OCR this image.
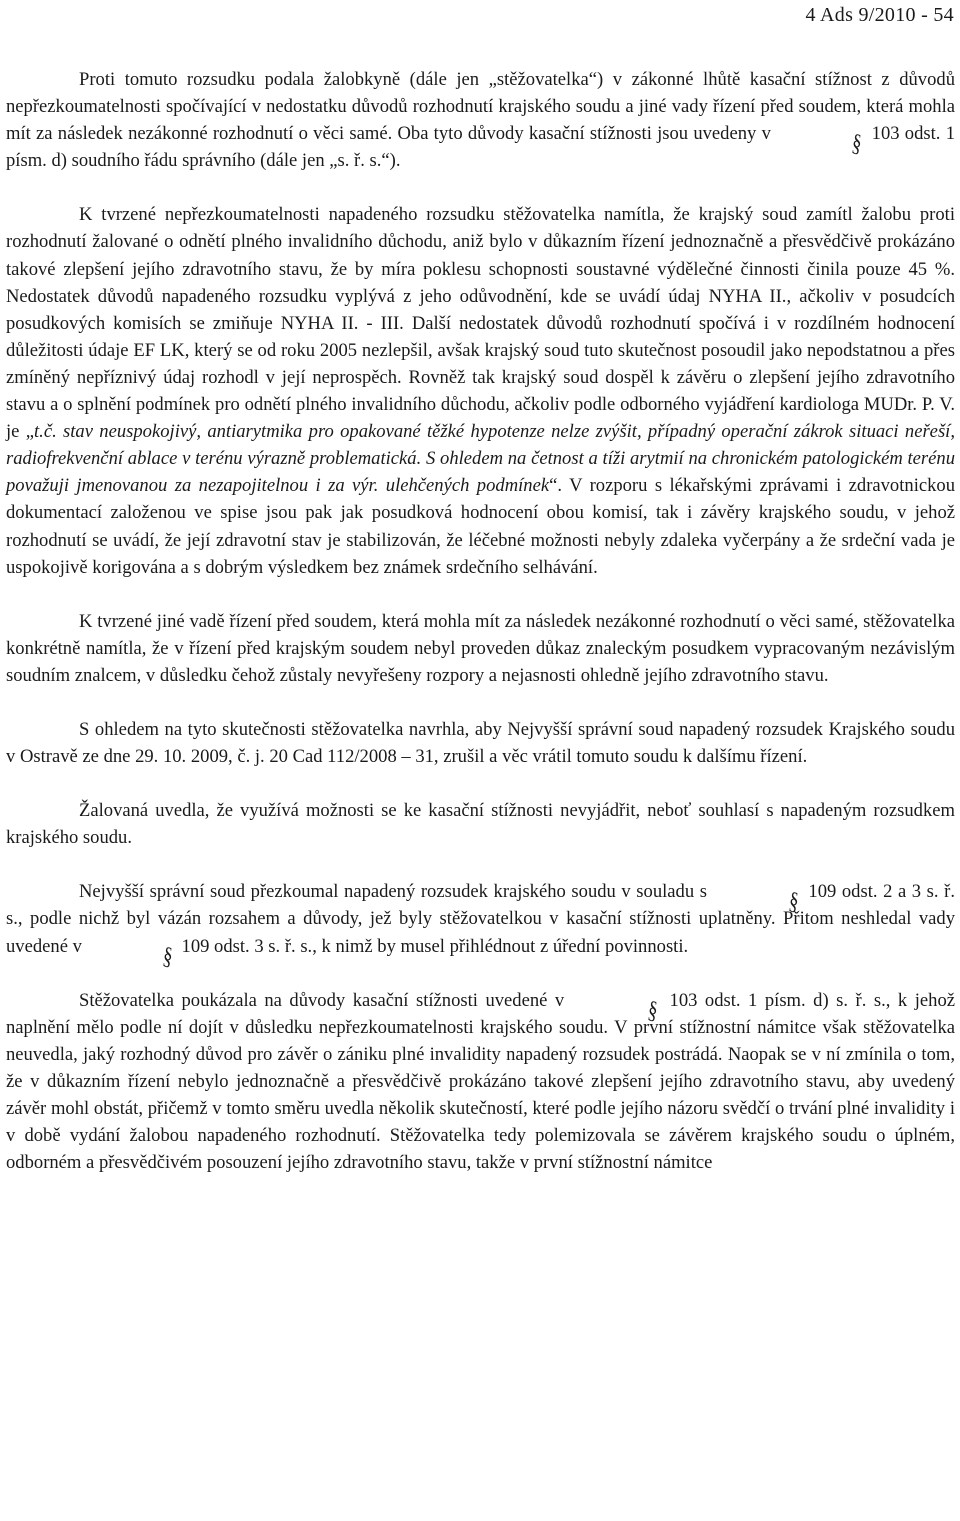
4 Ads 9/2010 - 54

Proti tomuto rozsudku podala žalobkyně (dále jen „stěžovatelka“) v zákonné lhůtě kasační stížnost z důvodů nepřezkoumatelnosti spočívající v nedostatku důvodů rozhodnutí krajského soudu a jiné vady řízení před soudem, která mohla mít za následek nezákonné rozhodnutí o věci samé. Oba tyto důvody kasační stížnosti jsou uvedeny v	§ 103 odst. 1 písm. d) soudního řádu správního (dále jen „s. ř. s.“).

K tvrzené nepřezkoumatelnosti napadeného rozsudku stěžovatelka namítla, že krajský soud zamítl žalobu proti rozhodnutí žalované o odnětí plného invalidního důchodu, aniž bylo v důkazním řízení jednoznačně a přesvědčivě prokázáno takové zlepšení jejího zdravotního stavu, že by míra poklesu schopnosti soustavné výdělečné činnosti činila pouze 45 %. Nedostatek důvodů napadeného rozsudku vyplývá z jeho odůvodnění, kde se uvádí údaj NYHA II., ačkoliv v posudcích posudkových komisích se zmiňuje NYHA II. - III. Další nedostatek důvodů rozhodnutí spočívá i v rozdílném hodnocení důležitosti údaje EF LK, který se od roku 2005 nezlepšil, avšak krajský soud tuto skutečnost posoudil jako nepodstatnou a přes zmíněný nepříznivý údaj rozhodl v její neprospěch. Rovněž tak krajský soud dospěl k závěru o zlepšení jejího zdravotního stavu a o splnění podmínek pro odnětí plného invalidního důchodu, ačkoliv podle odborného vyjádření kardiologa MUDr. P. V. je „t.č. stav neuspokojivý, antiarytmika pro opakované těžké hypotenze nelze zvýšit, případný operační zákrok situaci neřeší, radiofrekvenční ablace v terénu výrazně problematická. S ohledem na četnost a tíži arytmií na chronickém patologickém terénu považuji jmenovanou za nezapojitelnou i za výr. ulehčených podmínek“. V rozporu s lékařskými zprávami i zdravotnickou dokumentací založenou ve spise jsou pak jak posudková hodnocení obou komisí, tak i závěry krajského soudu, v jehož rozhodnutí se uvádí, že její zdravotní stav je stabilizován, že léčebné možnosti nebyly zdaleka vyčerpány a že srdeční vada je uspokojivě korigována a s dobrým výsledkem bez známek srdečního selhávání.

K tvrzené jiné vadě řízení před soudem, která mohla mít za následek nezákonné rozhodnutí o věci samé, stěžovatelka konkrétně namítla, že v řízení před krajským soudem nebyl proveden důkaz znaleckým posudkem vypracovaným nezávislým soudním znalcem, v důsledku čehož zůstaly nevyřešeny rozpory a nejasnosti ohledně jejího zdravotního stavu.

S ohledem na tyto skutečnosti stěžovatelka navrhla, aby Nejvyšší správní soud napadený rozsudek Krajského soudu v Ostravě ze dne 29. 10. 2009, č. j. 20 Cad 112/2008 – 31, zrušil a věc vrátil tomuto soudu k dalšímu řízení.

Žalovaná uvedla, že využívá možnosti se ke kasační stížnosti nevyjádřit, neboť souhlasí s napadeným rozsudkem krajského soudu.

Nejvyšší správní soud přezkoumal napadený rozsudek krajského soudu v souladu s	§ 109 odst. 2 a 3 s. ř. s., podle nichž byl vázán rozsahem a důvody, jež byly stěžovatelkou v kasační stížnosti uplatněny. Přitom neshledal vady uvedené v	§ 109 odst. 3 s. ř. s., k nimž by musel přihlédnout z úřední povinnosti.

Stěžovatelka poukázala na důvody kasační stížnosti uvedené v	§ 103 odst. 1 písm. d) s. ř. s., k jehož naplnění mělo podle ní dojít v důsledku nepřezkoumatelnosti krajského soudu. V první stížnostní námitce však stěžovatelka neuvedla, jaký rozhodný důvod pro závěr o zániku plné invalidity napadený rozsudek postrádá. Naopak se v ní zmínila o tom, že v důkazním řízení nebylo jednoznačně a přesvědčivě prokázáno takové zlepšení jejího zdravotního stavu, aby uvedený závěr mohl obstát, přičemž v tomto směru uvedla několik skutečností, které podle jejího názoru svědčí o trvání plné invalidity i v době vydání žalobou napadeného rozhodnutí. Stěžovatelka tedy polemizovala se závěrem krajského soudu o úplném, odborném a přesvědčivém posouzení jejího zdravotního stavu, takže v první stížnostní námitce
